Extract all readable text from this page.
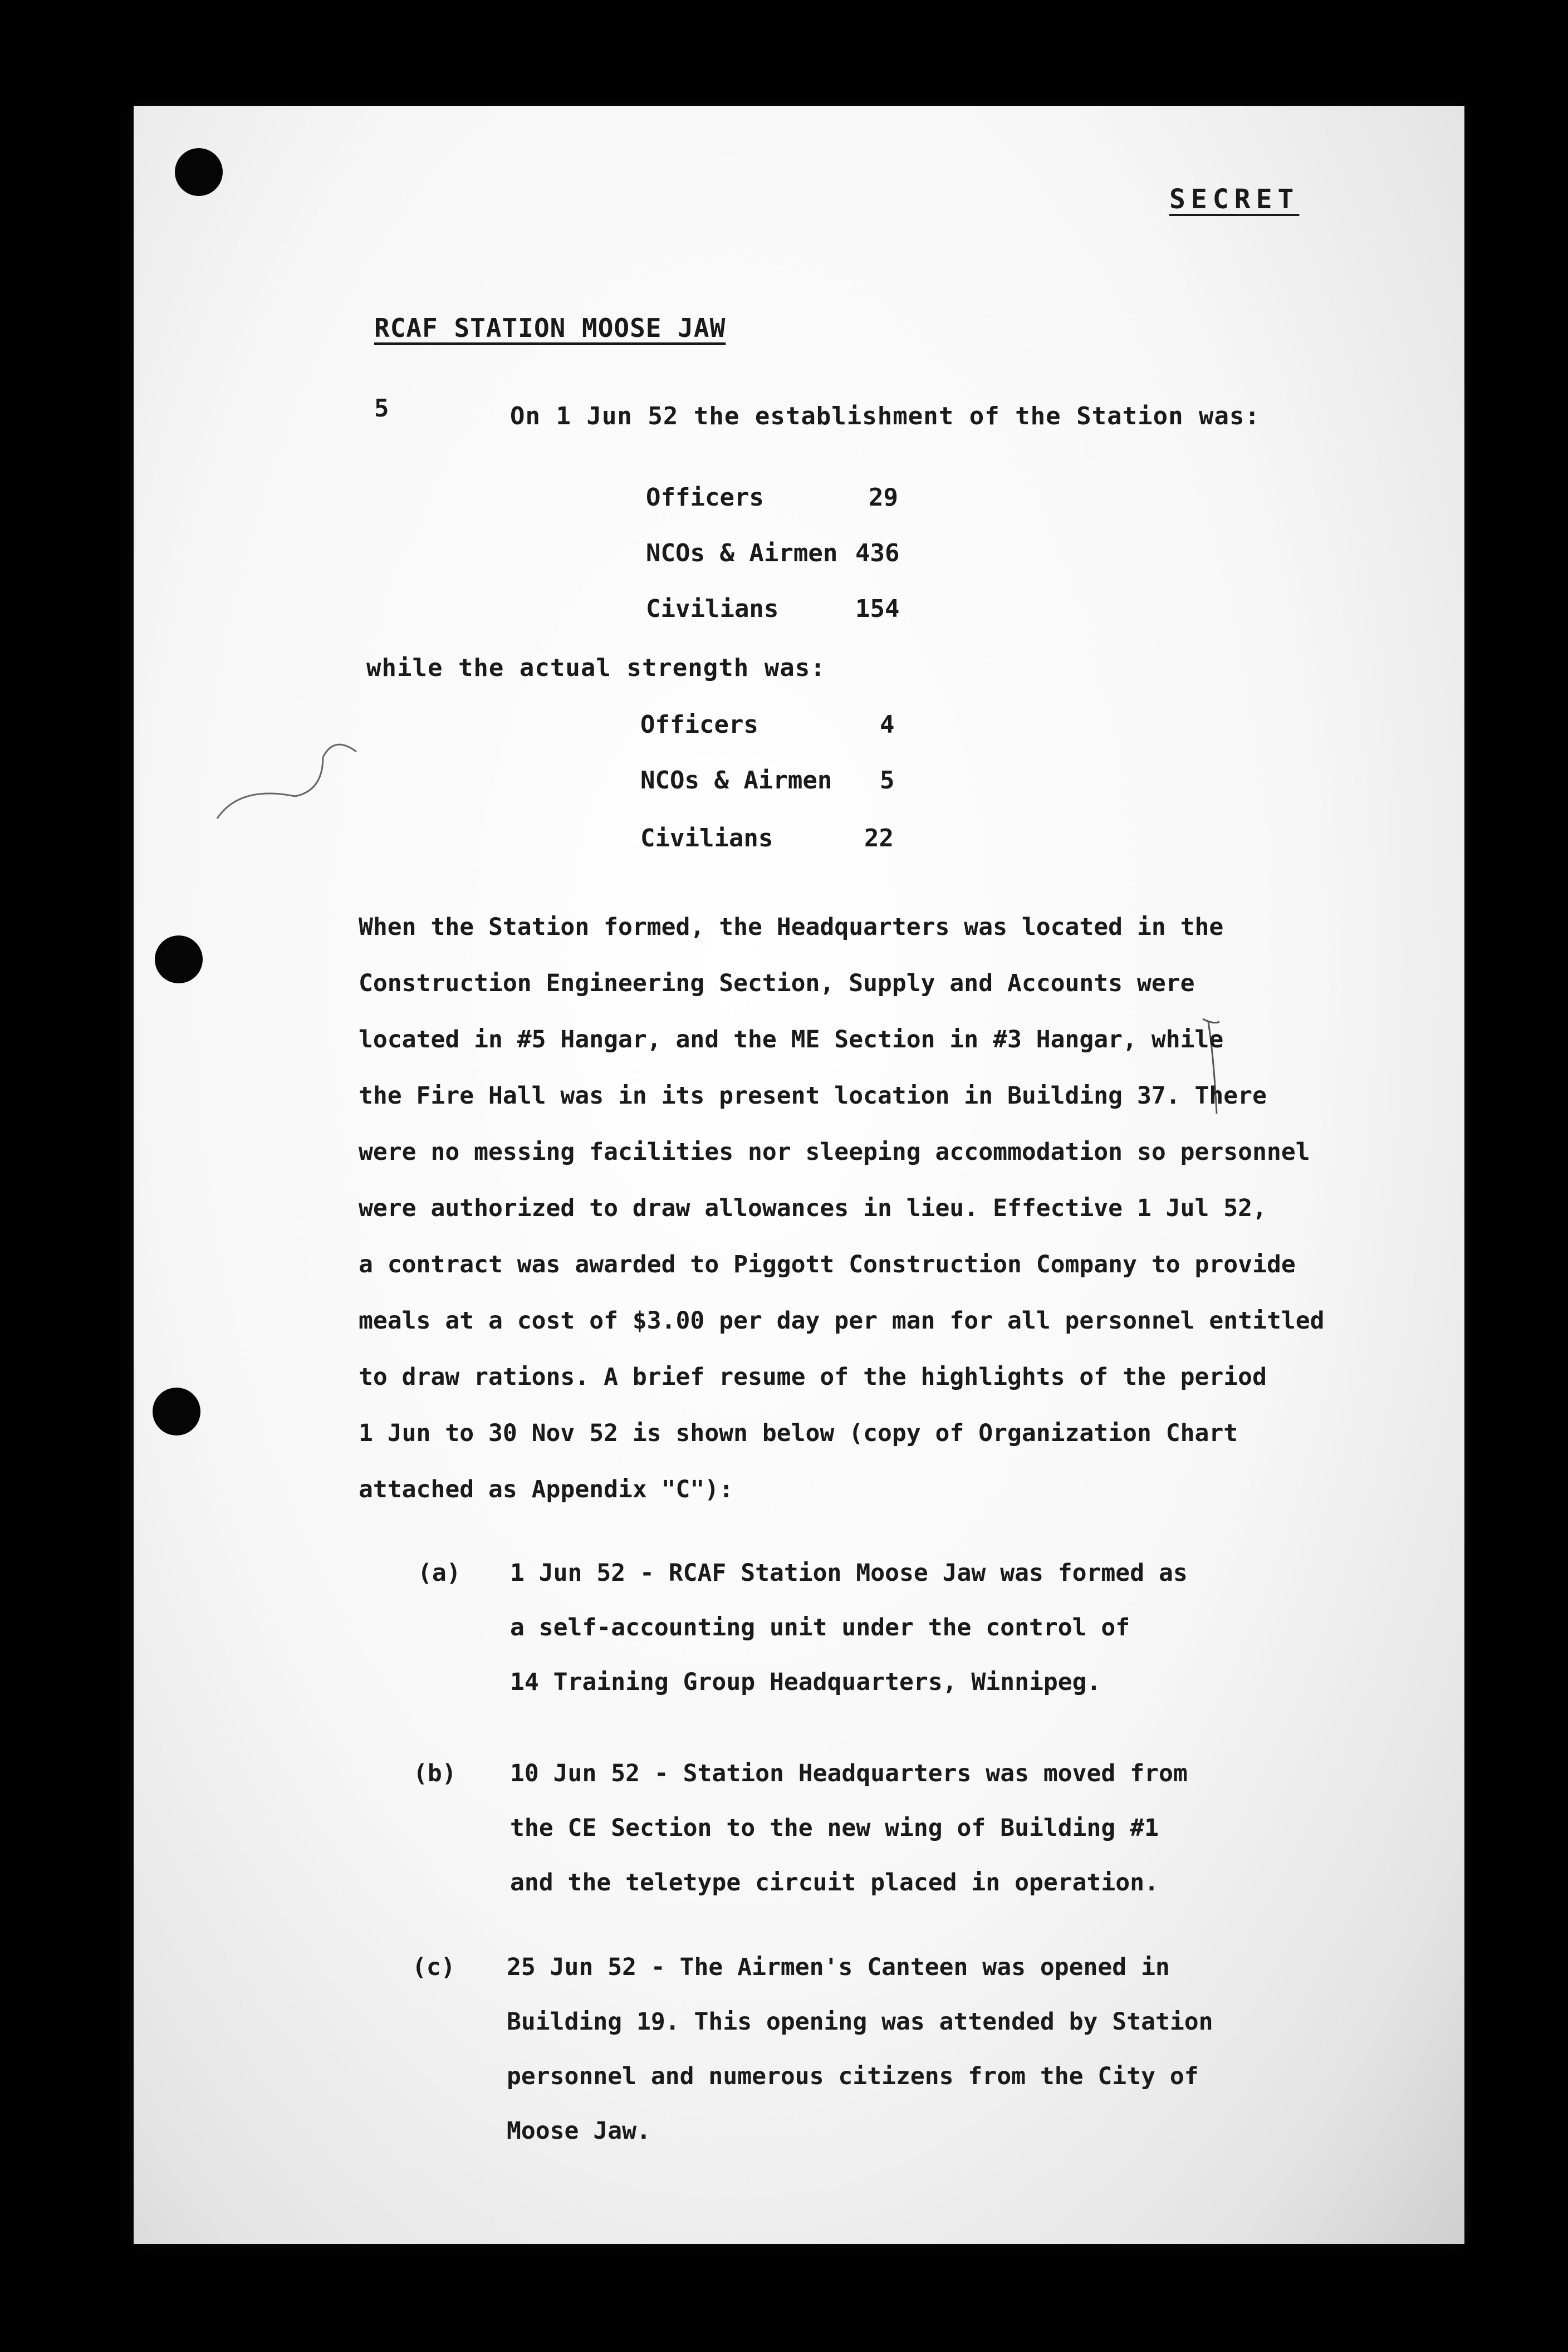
SECRET
RCAF STATION MOOSE JAW
5	On 1 Jun 52 the establishment of the Station was:
Officers	29
NCOs & Airmen 436
Civilians	154
while the actual strength was:
Officers	4
NCOs & Airmen 5
Civilians	22
When the Station formed, the Headquarters was located in the
Construction Engineering Section, Supply and Accounts were
located in #5 Hangar, and the ME Section in #3 Hangar, while
the Fire Hall was in its present location in Building 37. There
were no messing facilities nor sleeping accommodation so personnel
were authorized to draw allowances in lieu. Effective 1 Jul 52,
a contract was awarded to Piggott Construction Company to provide
meals at a cost of $3.00 per day per man for all personnel entitled
to draw rations. A brief resume of the highlights of the period
1 Jun to 30 Nov 52 is shown below (copy of Organization Chart
attached as Appendix "C"):
(a) 1 Jun 52 - RCAF Station Moose Jaw was formed as
a self-accounting unit under the control of
14 Training Group Headquarters, Winnipeg.
(b) 10 Jun 52 - Station Headquarters was moved from
the CE Section to the new wing of Building #1
and the teletype circuit placed in operation.
(c) 25 Jun 52 - The Airmen's Canteen was opened in
Building 19. This opening was attended by Station
personnel and numerous citizens from the City of
Moose Jaw.
